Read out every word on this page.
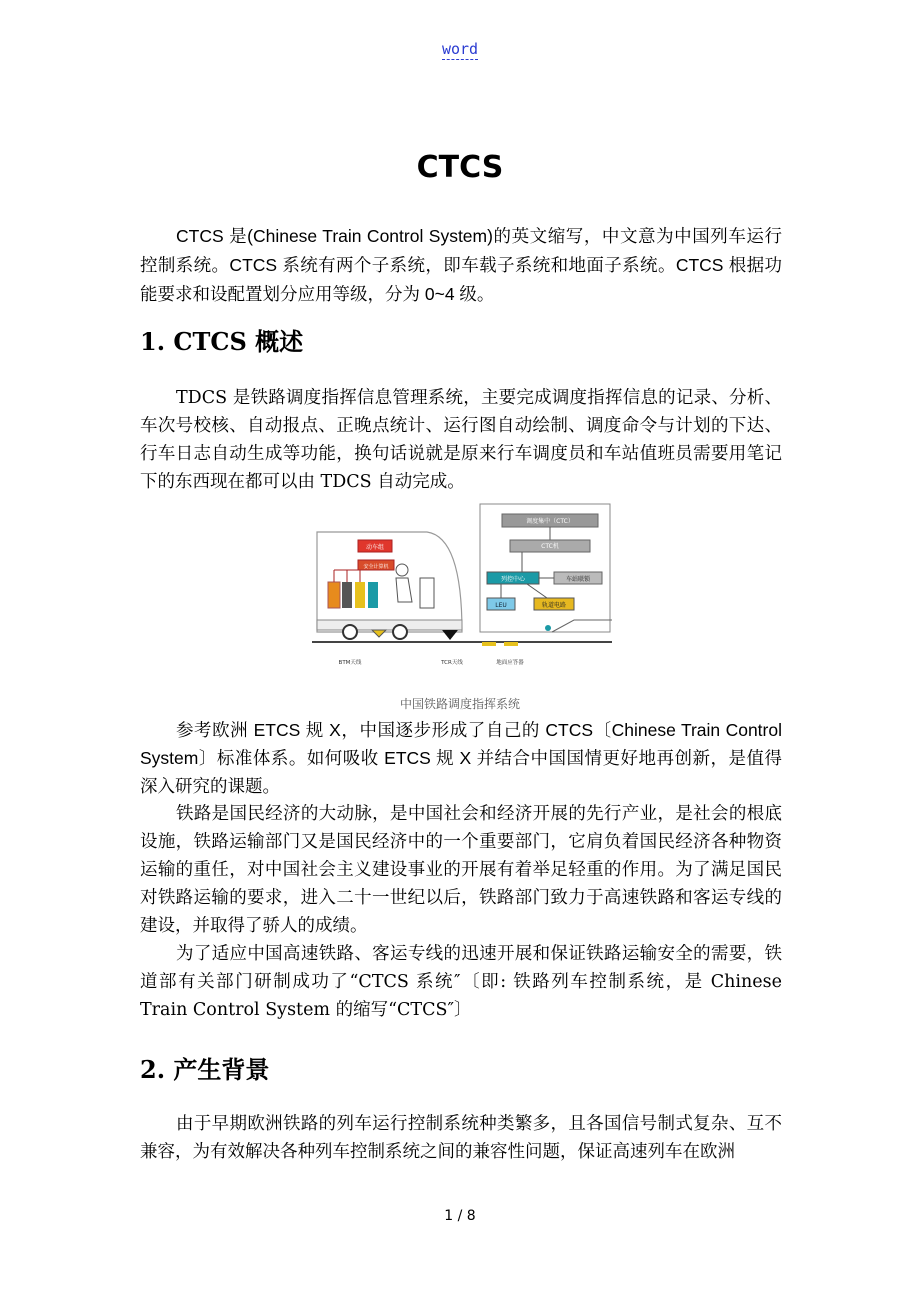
word
CTCS

CTCS 是(Chinese Train Control System)的英文缩写，中文意为中国列车运行控制系统。CTCS 系统有两个子系统，即车载子系统和地面子系统。CTCS 根据功能要求和设配置划分应用等级，分为 0~4 级。

1. CTCS 概述

TDCS 是铁路调度指挥信息管理系统，主要完成调度指挥信息的记录、分析、车次号校核、自动报点、正晚点统计、运行图自动绘制、调度命令与计划的下达、行车日志自动生成等功能，换句话说就是原来行车调度员和车站值班员需要用笔记下的东西现在都可以由 TDCS 自动完成。

调度集中（CTC）
CTC机
列控中心	车站联锁
LEU	轨道电路
动车组
安全计算机
BTM天线	TCR天线	地面应答器
中国铁路调度指挥系统

参考欧洲 ETCS 规 X，中国逐步形成了自己的 CTCS〔Chinese Train Control System〕标准体系。如何吸收 ETCS 规 X 并结合中国国情更好地再创新，是值得深入研究的课题。

铁路是国民经济的大动脉，是中国社会和经济开展的先行产业，是社会的根底设施，铁路运输部门又是国民经济中的一个重要部门，它肩负着国民经济各种物资运输的重任，对中国社会主义建设事业的开展有着举足轻重的作用。为了满足国民对铁路运输的要求，进入二十一世纪以后，铁路部门致力于高速铁路和客运专线的建设，并取得了骄人的成绩。

为了适应中国高速铁路、客运专线的迅速开展和保证铁路运输安全的需要，铁道部有关部门研制成功了“CTCS 系统″〔即: 铁路列车控制系统，是 Chinese Train Control System 的缩写“CTCS″〕

2. 产生背景

由于早期欧洲铁路的列车运行控制系统种类繁多，且各国信号制式复杂、互不兼容，为有效解决各种列车控制系统之间的兼容性问题，保证高速列车在欧洲

1 / 8
